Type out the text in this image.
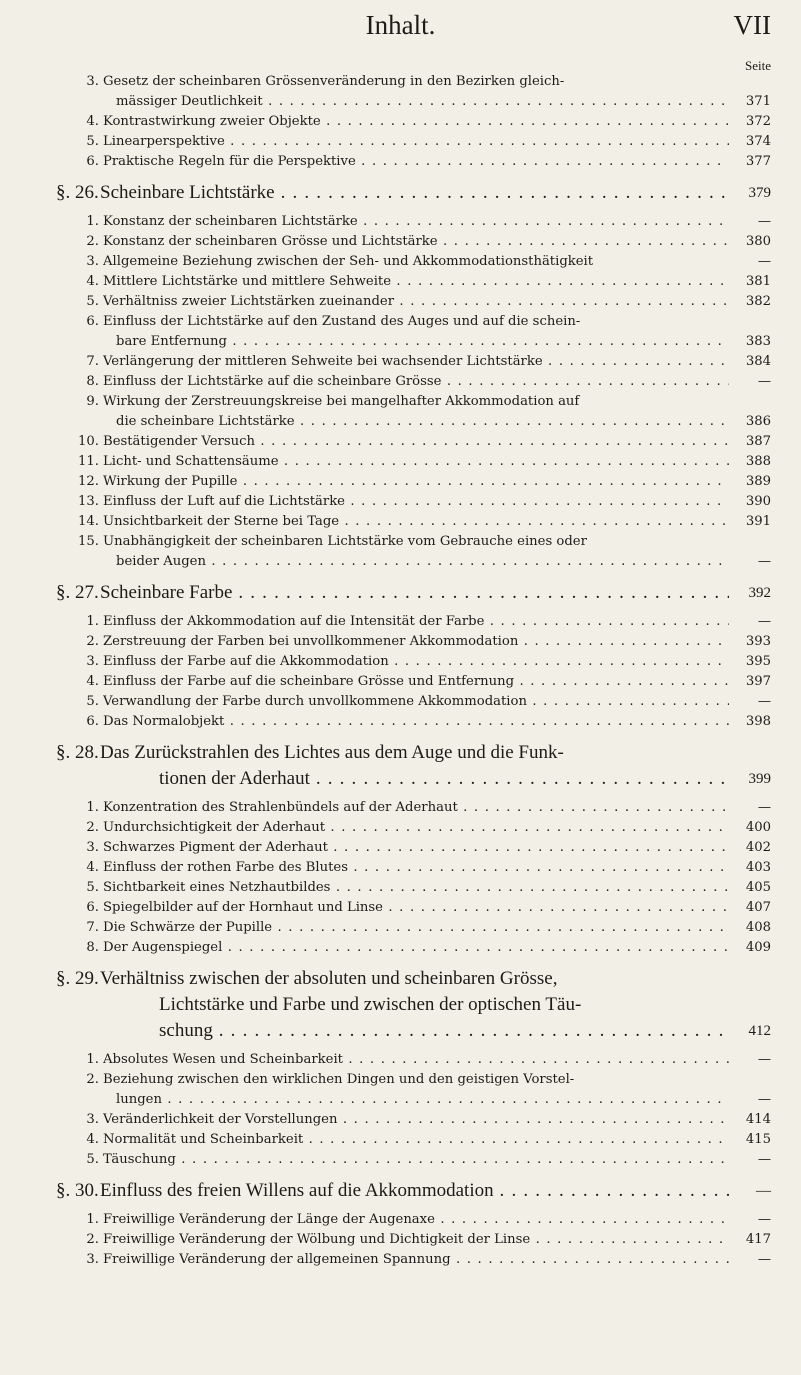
Inhalt.	VII
Seite
3. Gesetz der scheinbaren Grössenveränderung in den Bezirken gleich-
mässiger Deutlichkeit . . .	371
4. Kontrastwirkung zweier Objekte . . .	372
5. Linearperspektive . . .	374
6. Praktische Regeln für die Perspektive . . .	377
§. 26. Scheinbare Lichtstärke . . .	379
1. Konstanz der scheinbaren Lichtstärke . . .	—
2. Konstanz der scheinbaren Grösse und Lichtstärke . . .	380
3. Allgemeine Beziehung zwischen der Seh- und Akkommodationsthätigkeit	—
4. Mittlere Lichtstärke und mittlere Sehweite . . .	381
5. Verhältniss zweier Lichtstärken zueinander . . .	382
6. Einfluss der Lichtstärke auf den Zustand des Auges und auf die schein-
bare Entfernung . . .	383
7. Verlängerung der mittleren Sehweite bei wachsender Lichtstärke . . .	384
8. Einfluss der Lichtstärke auf die scheinbare Grösse . . .	—
9. Wirkung der Zerstreuungskreise bei mangelhafter Akkommodation auf
die scheinbare Lichtstärke . . .	386
10. Bestätigender Versuch . . .	387
11. Licht- und Schattensäume . . .	388
12. Wirkung der Pupille . . .	389
13. Einfluss der Luft auf die Lichtstärke . . .	390
14. Unsichtbarkeit der Sterne bei Tage . . .	391
15. Unabhängigkeit der scheinbaren Lichtstärke vom Gebrauche eines oder
beider Augen . . .	—
§. 27. Scheinbare Farbe . . .	392
1. Einfluss der Akkommodation auf die Intensität der Farbe . . .	—
2. Zerstreuung der Farben bei unvollkommener Akkommodation . . .	393
3. Einfluss der Farbe auf die Akkommodation . . .	395
4. Einfluss der Farbe auf die scheinbare Grösse und Entfernung . . .	397
5. Verwandlung der Farbe durch unvollkommene Akkommodation . . .	—
6. Das Normalobjekt . . .	398
§. 28. Das Zurückstrahlen des Lichtes aus dem Auge und die Funk-
tionen der Aderhaut . . .	399
1. Konzentration des Strahlenbündels auf der Aderhaut . . .	—
2. Undurchsichtigkeit der Aderhaut . . .	400
3. Schwarzes Pigment der Aderhaut . . .	402
4. Einfluss der rothen Farbe des Blutes . . .	403
5. Sichtbarkeit eines Netzhautbildes . . .	405
6. Spiegelbilder auf der Hornhaut und Linse . . .	407
7. Die Schwärze der Pupille . . .	408
8. Der Augenspiegel . . .	409
§. 29. Verhältniss zwischen der absoluten und scheinbaren Grösse,
Lichtstärke und Farbe und zwischen der optischen Täu-
schung . . .	412
1. Absolutes Wesen und Scheinbarkeit . . .	—
2. Beziehung zwischen den wirklichen Dingen und den geistigen Vorstel-
lungen . . .	—
3. Veränderlichkeit der Vorstellungen . . .	414
4. Normalität und Scheinbarkeit . . .	415
5. Täuschung . . .	—
§. 30. Einfluss des freien Willens auf die Akkommodation . . .	—
1. Freiwillige Veränderung der Länge der Augenaxe . . .	—
2. Freiwillige Veränderung der Wölbung und Dichtigkeit der Linse . . .	417
3. Freiwillige Veränderung der allgemeinen Spannung . . .	—
